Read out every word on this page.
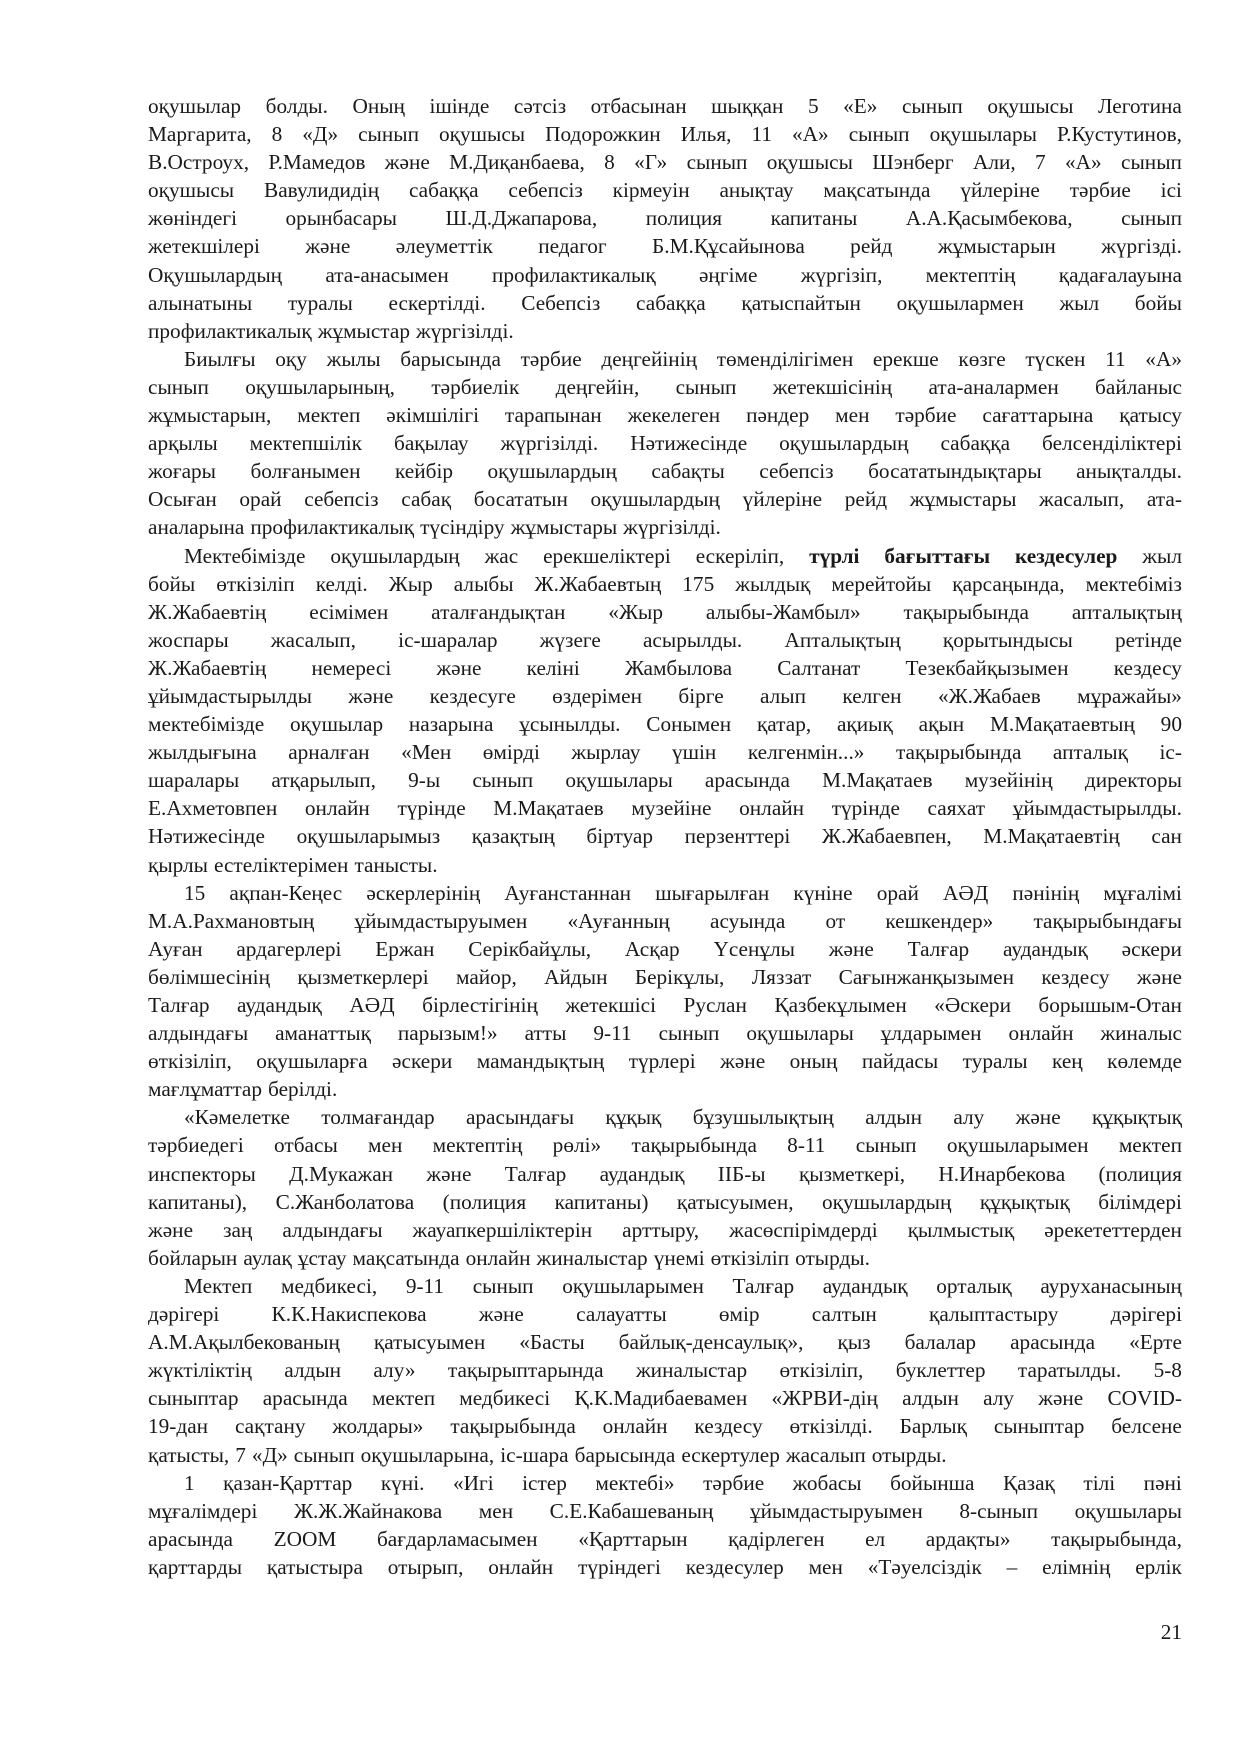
оқушылар болды. Оның ішінде сәтсіз отбасынан шыққан 5 «Е» сынып оқушысы Леготина
Маргарита, 8 «Д» сынып оқушысы Подорожкин Илья, 11 «А» сынып оқушылары Р.Кустутинов,
В.Остроух, Р.Мамедов және М.Диқанбаева, 8 «Г» сынып оқушысы Шэнберг Али, 7 «А» сынып
оқушысы Вавулидидің сабаққа себепсіз кірмеуін анықтау мақсатында үйлеріне тәрбие ісі
жөніндегі орынбасары Ш.Д.Джапарова, полиция капитаны А.А.Қасымбекова, сынып
жетекшілері және әлеуметтік педагог Б.М.Құсайынова рейд жұмыстарын жүргізді.
Оқушылардың ата-анасымен профилактикалық әңгіме жүргізіп, мектептің қадағалауына
алынатыны туралы ескертілді. Себепсіз сабаққа қатыспайтын оқушылармен жыл бойы
профилактикалық жұмыстар жүргізілді.
Биылғы оқу жылы барысында тәрбие деңгейінің төменділігімен ерекше көзге түскен 11 «А»
сынып оқушыларының, тәрбиелік деңгейін, сынып жетекшісінің ата-аналармен байланыс
жұмыстарын, мектеп әкімшілігі тарапынан жекелеген пәндер мен тәрбие сағаттарына қатысу
арқылы мектепшілік бақылау жүргізілді. Нәтижесінде оқушылардың сабаққа белсенділіктері
жоғары болғанымен кейбір оқушылардың сабақты себепсіз босататындықтары анықталды.
Осыған орай себепсіз сабақ босататын оқушылардың үйлеріне рейд жұмыстары жасалып, ата-
аналарына профилактикалық түсіндіру жұмыстары жүргізілді.
Мектебімізде оқушылардың жас ерекшеліктері ескеріліп, түрлі бағыттағы кездесулер жыл
бойы өткізіліп келді. Жыр алыбы Ж.Жабаевтың 175 жылдық мерейтойы қарсаңында, мектебіміз
Ж.Жабаевтің есімімен аталғандықтан «Жыр алыбы-Жамбыл» тақырыбында апталықтың
жоспары жасалып, іс-шаралар жүзеге асырылды. Апталықтың қорытындысы ретінде
Ж.Жабаевтің немересі және келіні Жамбылова Салтанат Тезекбайқызымен кездесу
ұйымдастырылды және кездесуге өздерімен бірге алып келген «Ж.Жабаев мұражайы»
мектебімізде оқушылар назарына ұсынылды. Сонымен қатар, ақиық ақын М.Мақатаевтың 90
жылдығына арналған «Мен өмірді жырлау үшін келгенмін...» тақырыбында апталық іс-
шаралары атқарылып, 9-ы сынып оқушылары арасында М.Мақатаев музейінің директоры
Е.Ахметовпен онлайн түрінде М.Мақатаев музейіне онлайн түрінде саяхат ұйымдастырылды.
Нәтижесінде оқушыларымыз қазақтың біртуар перзенттері Ж.Жабаевпен, М.Мақатаевтің сан
қырлы естеліктерімен танысты.
15 ақпан-Кеңес әскерлерінің Ауғанстаннан шығарылған күніне орай АӘД пәнінің мұғалімі
М.А.Рахмановтың ұйымдастыруымен «Ауғанның асуында от кешкендер» тақырыбындағы
Ауған ардагерлері Ержан Серікбайұлы, Асқар Үсенұлы және Талғар аудандық әскери
бөлімшесінің қызметкерлері майор, Айдын Берікұлы, Ляззат Сағынжанқызымен кездесу және
Талғар аудандық АӘД бірлестігінің жетекшісі Руслан Қазбекұлымен «Әскери борышым-Отан
алдындағы аманаттық парызым!» атты 9-11 сынып оқушылары ұлдарымен онлайн жиналыс
өткізіліп, оқушыларға әскери мамандықтың түрлері және оның пайдасы туралы кең көлемде
мағлұматтар берілді.
«Кәмелетке толмағандар арасындағы құқық бұзушылықтың алдын алу және құқықтық
тәрбиедегі отбасы мен мектептің рөлі» тақырыбында 8-11 сынып оқушыларымен мектеп
инспекторы Д.Мукажан және Талғар аудандық ІІБ-ы қызметкері, Н.Инарбекова (полиция
капитаны), С.Жанболатова (полиция капитаны) қатысуымен, оқушылардың құқықтық білімдері
және заң алдындағы жауапкершіліктерін арттыру, жасөспірімдерді қылмыстық әрекететтерден
бойларын аулақ ұстау мақсатында онлайн жиналыстар үнемі өткізіліп отырды.
Мектеп медбикесі, 9-11 сынып оқушыларымен Талғар аудандық орталық ауруханасының
дәрігері К.К.Накиспекова және салауатты өмір салтын қалыптастыру дәрігері
А.М.Ақылбекованың қатысуымен «Басты байлық-денсаулық», қыз балалар арасында «Ерте
жүктіліктің алдын алу» тақырыптарында жиналыстар өткізіліп, буклеттер таратылды. 5-8
сыныптар арасында мектеп медбикесі Қ.К.Мадибаевамен «ЖРВИ-дің алдын алу және COVID-
19-дан сақтану жолдары» тақырыбында онлайн кездесу өткізілді. Барлық сыныптар белсене
қатысты, 7 «Д» сынып оқушыларына, іс-шара барысында ескертулер жасалып отырды.
1 қазан-Қарттар күні. «Игі істер мектебі» тәрбие жобасы бойынша Қазақ тілі пәні
мұғалімдері Ж.Ж.Жайнакова мен С.Е.Кабашеваның ұйымдастыруымен 8-сынып оқушылары
арасында ZOOM бағдарламасымен «Қарттарын қадірлеген ел ардақты» тақырыбында,
қарттарды қатыстыра отырып, онлайн түріндегі кездесулер мен «Тәуелсіздік – елімнің ерлік
21
